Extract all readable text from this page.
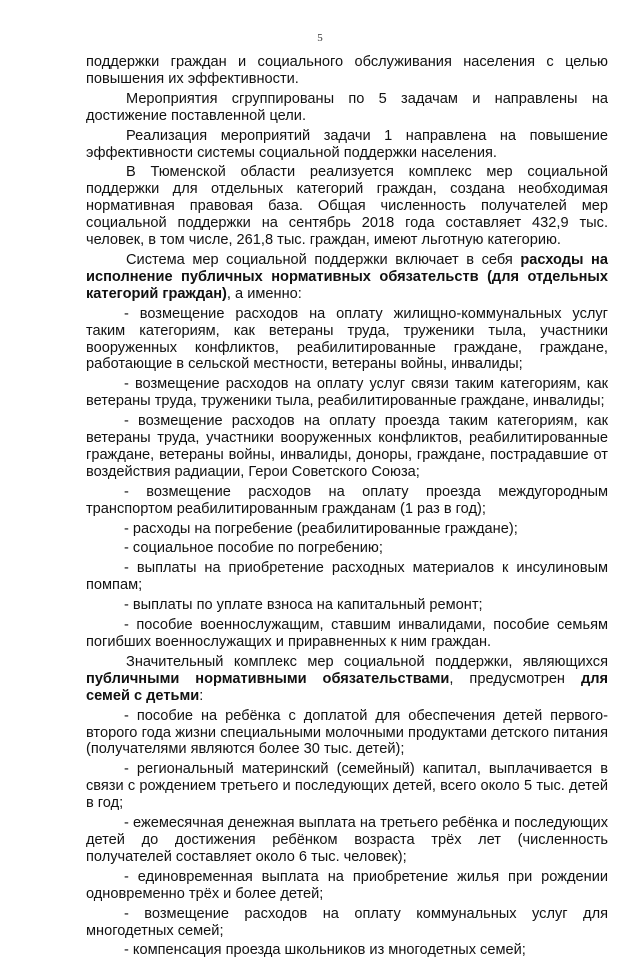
5

поддержки граждан и социального обслуживания населения с целью повышения их эффективности.

Мероприятия сгруппированы по 5 задачам и направлены на достижение поставленной цели.

Реализация мероприятий задачи 1 направлена на повышение эффективности системы социальной поддержки населения.

В Тюменской области реализуется комплекс мер социальной поддержки для отдельных категорий граждан, создана необходимая нормативная правовая база. Общая численность получателей мер социальной поддержки на сентябрь 2018 года составляет 432,9 тыс. человек, в том числе, 261,8 тыс. граждан, имеют льготную категорию.

Система мер социальной поддержки включает в себя расходы на исполнение публичных нормативных обязательств (для отдельных категорий граждан), а именно:

- возмещение расходов на оплату жилищно-коммунальных услуг таким категориям, как ветераны труда, труженики тыла, участники вооруженных конфликтов, реабилитированные граждане, граждане, работающие в сельской местности, ветераны войны, инвалиды;

- возмещение расходов на оплату услуг связи таким категориям, как ветераны труда, труженики тыла, реабилитированные граждане, инвалиды;

- возмещение расходов на оплату проезда таким категориям, как ветераны труда, участники вооруженных конфликтов, реабилитированные граждане, ветераны войны, инвалиды, доноры, граждане, пострадавшие от воздействия радиации, Герои Советского Союза;

- возмещение расходов на оплату проезда междугородным транспортом реабилитированным гражданам (1 раз в год);

- расходы на погребение (реабилитированные граждане);

- социальное пособие по погребению;

- выплаты на приобретение расходных материалов к инсулиновым помпам;

- выплаты по уплате взноса на капитальный ремонт;

- пособие военнослужащим, ставшим инвалидами, пособие семьям погибших военнослужащих и приравненных к ним граждан.

Значительный комплекс мер социальной поддержки, являющихся публичными нормативными обязательствами, предусмотрен для семей с детьми:

- пособие на ребёнка с доплатой для обеспечения детей первого-второго года жизни специальными молочными продуктами детского питания (получателями являются более 30 тыс. детей);

- региональный материнский (семейный) капитал, выплачивается в связи с рождением третьего и последующих детей, всего около 5 тыс. детей в год;

- ежемесячная денежная выплата на третьего ребёнка и последующих детей до достижения ребёнком возраста трёх лет (численность получателей составляет около 6 тыс. человек);

- единовременная выплата на приобретение жилья при рождении одновременно трёх и более детей;

- возмещение расходов на оплату коммунальных услуг для многодетных семей;

- компенсация проезда школьников из многодетных семей;
